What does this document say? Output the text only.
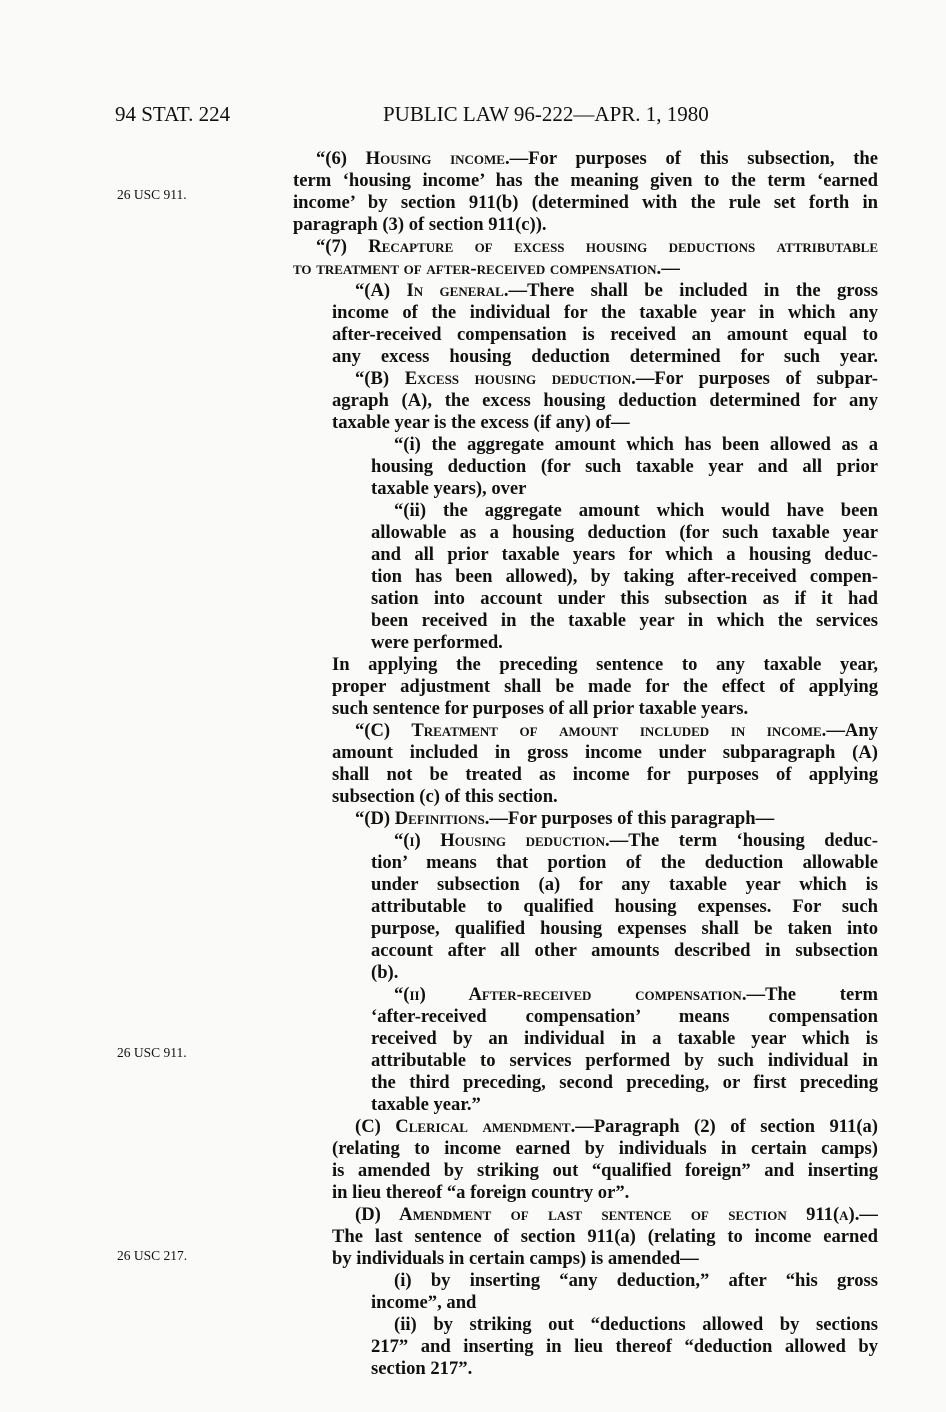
94 STAT. 224	PUBLIC LAW 96-222—APR. 1, 1980
26 USC 911.
26 USC 911.
26 USC 217.
“(6) Housing income.—For purposes of this subsection, the
term ‘housing income’ has the meaning given to the term ‘earned
income’ by section 911(b) (determined with the rule set forth in
paragraph (3) of section 911(c)).
“(7) Recapture of excess housing deductions attributable
to treatment of after-received compensation.—
“(A) In general.—There shall be included in the gross
income of the individual for the taxable year in which any
after-received compensation is received an amount equal to
any excess housing deduction determined for such year.
“(B) Excess housing deduction.—For purposes of subpar-
agraph (A), the excess housing deduction determined for any
taxable year is the excess (if any) of—
“(i) the aggregate amount which has been allowed as a
housing deduction (for such taxable year and all prior
taxable years), over
“(ii) the aggregate amount which would have been
allowable as a housing deduction (for such taxable year
and all prior taxable years for which a housing deduc-
tion has been allowed), by taking after-received compen-
sation into account under this subsection as if it had
been received in the taxable year in which the services
were performed.
In applying the preceding sentence to any taxable year,
proper adjustment shall be made for the effect of applying
such sentence for purposes of all prior taxable years.
“(C) Treatment of amount included in income.—Any
amount included in gross income under subparagraph (A)
shall not be treated as income for purposes of applying
subsection (c) of this section.
“(D) Definitions.—For purposes of this paragraph—
“(i) Housing deduction.—The term ‘housing deduc-
tion’ means that portion of the deduction allowable
under subsection (a) for any taxable year which is
attributable to qualified housing expenses. For such
purpose, qualified housing expenses shall be taken into
account after all other amounts described in subsection
(b).
“(ii) After-received compensation.—The term
‘after-received compensation’ means compensation
received by an individual in a taxable year which is
attributable to services performed by such individual in
the third preceding, second preceding, or first preceding
taxable year.”
(C) Clerical amendment.—Paragraph (2) of section 911(a)
(relating to income earned by individuals in certain camps)
is amended by striking out “qualified foreign” and inserting
in lieu thereof “a foreign country or”.
(D) Amendment of last sentence of section 911(a).—
The last sentence of section 911(a) (relating to income earned
by individuals in certain camps) is amended—
(i) by inserting “any deduction,” after “his gross
income”, and
(ii) by striking out “deductions allowed by sections
217” and inserting in lieu thereof “deduction allowed by
section 217”.
